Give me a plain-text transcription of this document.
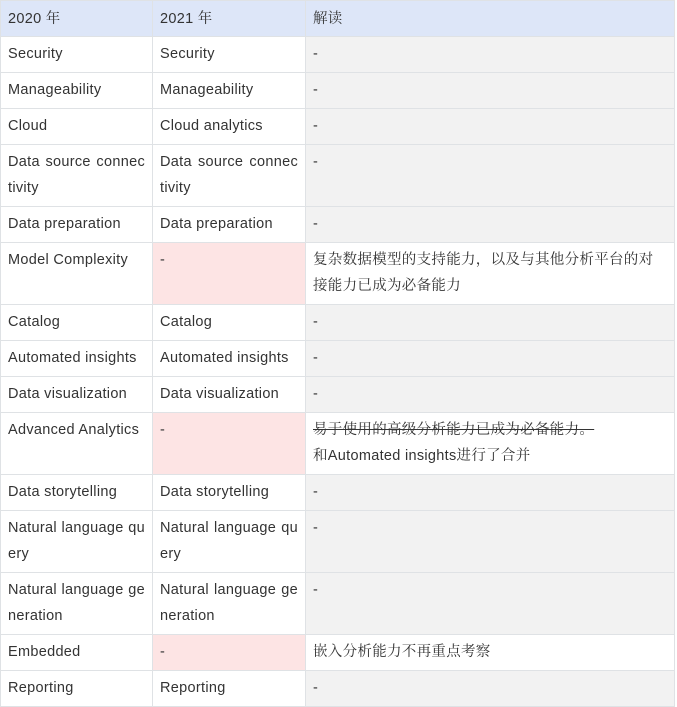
2020 年	2021 年	解读
Security	Security	-
Manageability	Manageability	-
Cloud	Cloud analytics	-
Data source connectivity	Data source connectivity	-
Data preparation	Data preparation	-
Model Complexity	-	复杂数据模型的支持能力，以及与其他分析平台的对接能力已成为必备能力
Catalog	Catalog	-
Automated insights	Automated insights	-
Data visualization	Data visualization	-
Advanced Analytics	-	易于使用的高级分析能力已成为必备能力。
和Automated insights进行了合并

Data storytelling	Data storytelling	-
Natural language query	Natural language query	-
Natural language generation	Natural language generation	-
Embedded	-	嵌入分析能力不再重点考察
Reporting	Reporting	-
